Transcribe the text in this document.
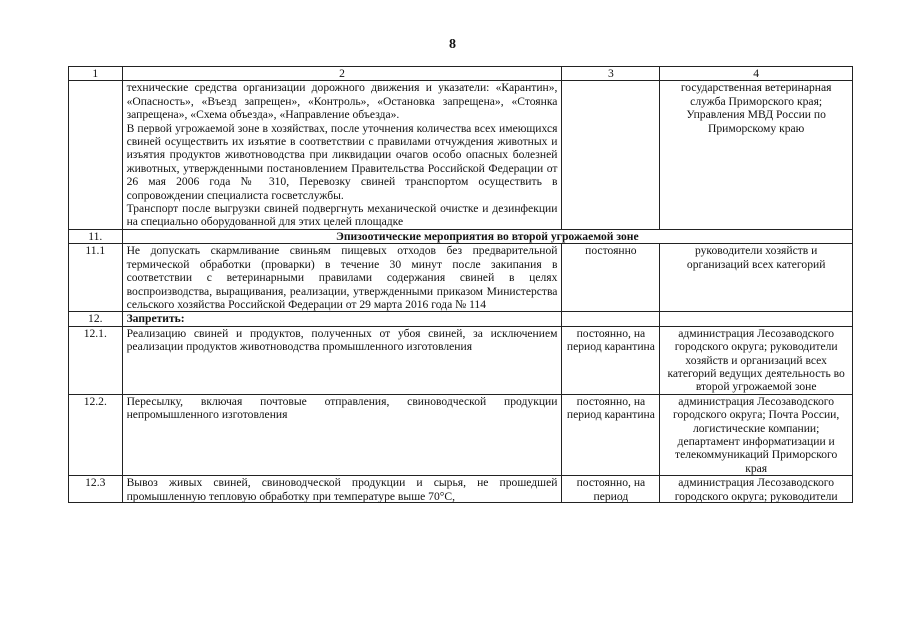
8
1	2	3	4

	технические средства организации дорожного движения и указатели: «Карантин», «Опасность», «Въезд запрещен», «Контроль», «Остановка запрещена», «Стоянка запрещена», «Схема объезда», «Направление объезда».

В первой угрожаемой зоне в хозяйствах, после уточнения количества всех имеющихся свиней осуществить их изъятие в соответствии с правилами отчуждения животных и изъятия продуктов животноводства при ликвидации очагов особо опасных болезней животных, утвержденными постановлением Правительства Российской Федерации от 26 мая 2006 года № 310, Перевозку свиней транспортом осуществить в сопровождении специалиста госветслужбы.

Транспорт после выгрузки свиней подвергнуть механической очистке и дезинфекции на специально оборудованной для этих целей площадке		государственная ветеринарная служба Приморского края; Управления МВД России по Приморскому краю
11.	Эпизоотические мероприятия во второй угрожаемой зоне		
11.1	Не допускать скармливание свиньям пищевых отходов без предварительной термической обработки (проварки) в течение 30 минут после закипания в соответствии с ветеринарными правилами содержания свиней в целях воспроизводства, выращивания, реализации, утвержденными приказом Министерства сельского хозяйства Российской Федерации от 29 марта 2016 года № 114	постоянно	руководители хозяйств и организаций всех категорий
12.	Запретить:		
12.1.	Реализацию свиней и продуктов, полученных от убоя свиней, за исключением реализации продуктов животноводства промышленного изготовления	постоянно, на период карантина	администрация Лесозаводского городского округа; руководители хозяйств и организаций всех категорий ведущих деятельность во второй угрожаемой зоне
12.2.	Пересылку, включая почтовые отправления, свиноводческой продукции непромышленного изготовления	постоянно, на период карантина	администрация Лесозаводского городского округа; Почта России, логистические компании; департамент информатизации и телекоммуникаций Приморского края
12.3	Вывоз живых свиней, свиноводческой продукции и сырья, не прошедшей промышленную тепловую обработку при температуре выше 70°С,	постоянно, на период	администрация Лесозаводского городского округа; руководители
